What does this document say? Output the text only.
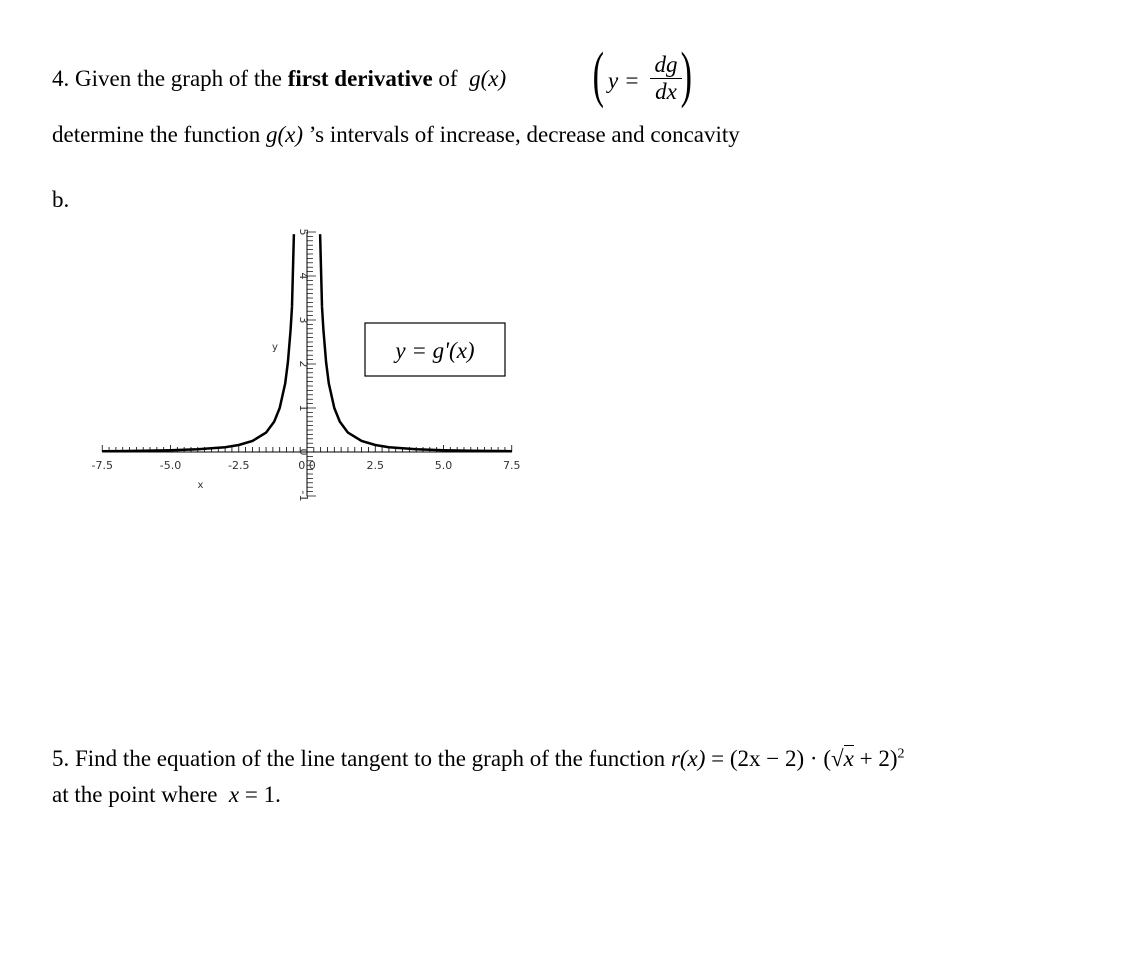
4. Given the graph of the first derivative of  g(x) ( y =
dg
dx )
determine the function g(x) ’s intervals of increase, decrease and concavity
b.
-7.5	-5.0	-2.5	0.0	2.5	5.0	7.5
-1
0
1
2
3
4
5
x
y	y = g'(x)
5. Find the equation of the line tangent to the graph of the function $r(x) = (2x - 2) \cdot (√x + 2)^2$
at the point where  x = 1.
